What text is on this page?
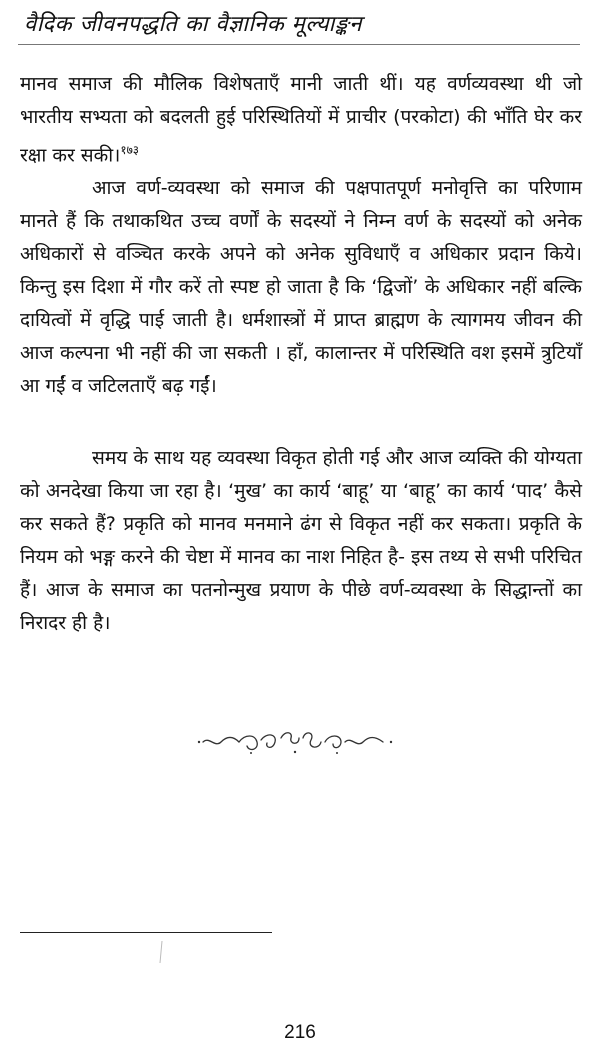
वैदिक जीवनपद्धति का वैज्ञानिक मूल्याङ्कन

मानव समाज की मौलिक विशेषताएँ मानी जाती थीं। यह वर्णव्यवस्था थी जो भारतीय सभ्यता को बदलती हुई परिस्थितियों में प्राचीर (परकोटा) की भाँति घेर कर रक्षा कर सकी।$^{१७३}$

आज वर्ण-व्यवस्था को समाज की पक्षपातपूर्ण मनोवृत्ति का परिणाम मानते हैं कि तथाकथित उच्च वर्णों के सदस्यों ने निम्न वर्ण के सदस्यों को अनेक अधिकारों से वञ्चित करके अपने को अनेक सुविधाएँ व अधिकार प्रदान किये। किन्तु इस दिशा में गौर करें तो स्पष्ट हो जाता है कि ‘द्विजों’ के अधिकार नहीं बल्कि दायित्वों में वृद्धि पाई जाती है। धर्मशास्त्रों में प्राप्त ब्राह्मण के त्यागमय जीवन की आज कल्पना भी नहीं की जा सकती । हाँ, कालान्तर में परिस्थिति वश इसमें त्रुटियाँ आ गईं व जटिलताएँ बढ़ गईं।

समय के साथ यह व्यवस्था विकृत होती गई और आज व्यक्ति की योग्यता को अनदेखा किया जा रहा है। ‘मुख’ का कार्य ‘बाहू’ या ‘बाहू’ का कार्य ‘पाद’ कैसे कर सकते हैं? प्रकृति को मानव मनमाने ढंग से विकृत नहीं कर सकता। प्रकृति के नियम को भङ्ग करने की चेष्टा में मानव का नाश निहित है- इस तथ्य से सभी परिचित हैं। आज के समाज का पतनोन्मुख प्रयाण के पीछे वर्ण-व्यवस्था के सिद्धान्तों का निरादर ही है।

216
